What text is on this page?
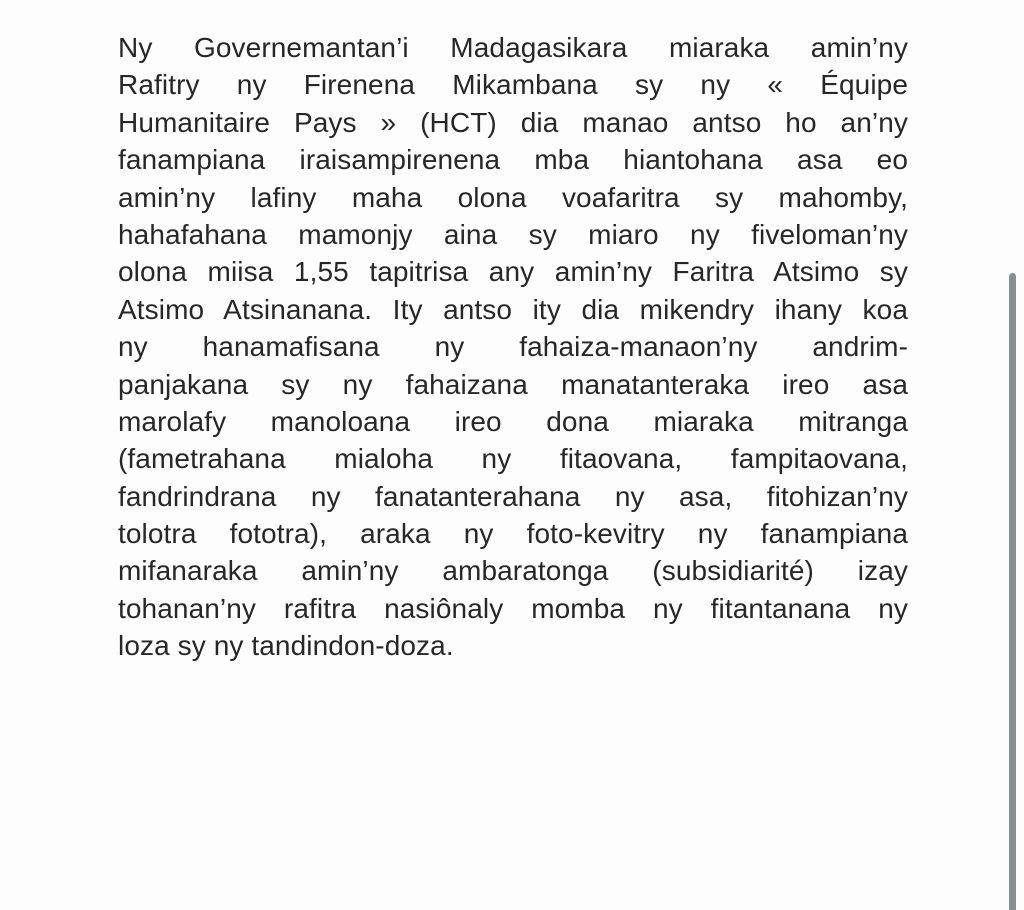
Ny Governemantan’i Madagasikara miaraka amin’ny
Rafitry ny Firenena Mikambana sy ny « Équipe
Humanitaire Pays » (HCT) dia manao antso ho an’ny
fanampiana iraisampirenena mba hiantohana asa eo
amin’ny lafiny maha olona voafaritra sy mahomby,
hahafahana mamonjy aina sy miaro ny fiveloman’ny
olona miisa 1,55 tapitrisa any amin’ny Faritra Atsimo sy
Atsimo Atsinanana. Ity antso ity dia mikendry ihany koa
ny hanamafisana ny fahaiza-manaon’ny andrim-
panjakana sy ny fahaizana manatanteraka ireo asa
marolafy manoloana ireo dona miaraka mitranga
(fametrahana mialoha ny fitaovana, fampitaovana,
fandrindrana ny fanatanterahana ny asa, fitohizan’ny
tolotra fototra), araka ny foto-kevitry ny fanampiana
mifanaraka amin’ny ambaratonga (subsidiarité) izay
tohanan’ny rafitra nasiônaly momba ny fitantanana ny
loza sy ny tandindon-doza.
